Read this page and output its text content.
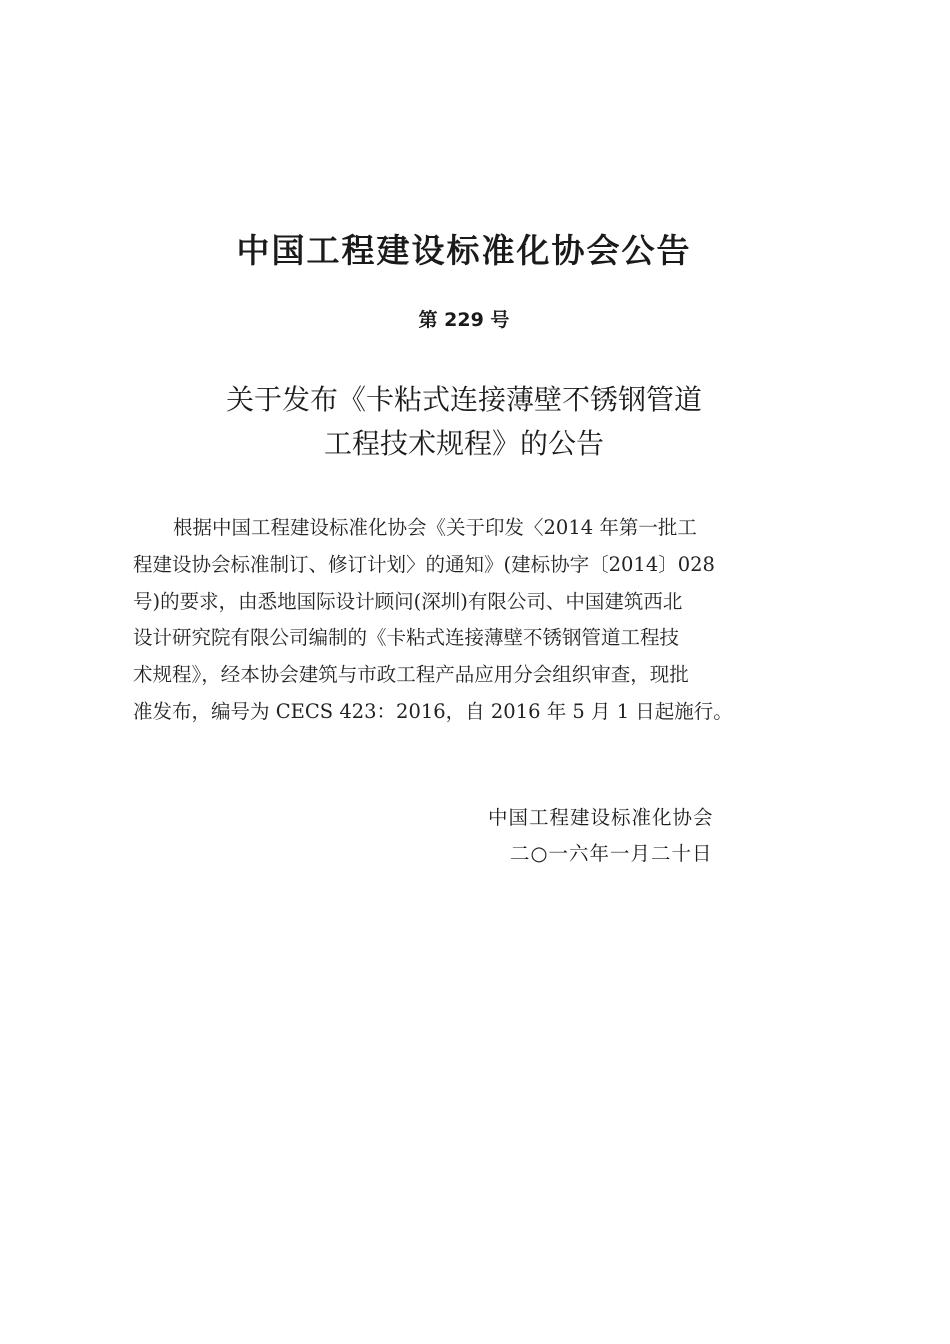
中国工程建设标准化协会公告
第 229 号
关于发布《卡粘式连接薄壁不锈钢管道
工程技术规程》的公告
根据中国工程建设标准化协会《关于印发〈2014 年第一批工
程建设协会标准制订、修订计划〉的通知》(建标协字〔2014〕028
号)的要求，由悉地国际设计顾问(深圳)有限公司、中国建筑西北
设计研究院有限公司编制的《卡粘式连接薄壁不锈钢管道工程技
术规程》，经本协会建筑与市政工程产品应用分会组织审查，现批
准发布，编号为 CECS 423：2016，自 2016 年 5 月 1 日起施行。
中国工程建设标准化协会
二○一六年一月二十日
